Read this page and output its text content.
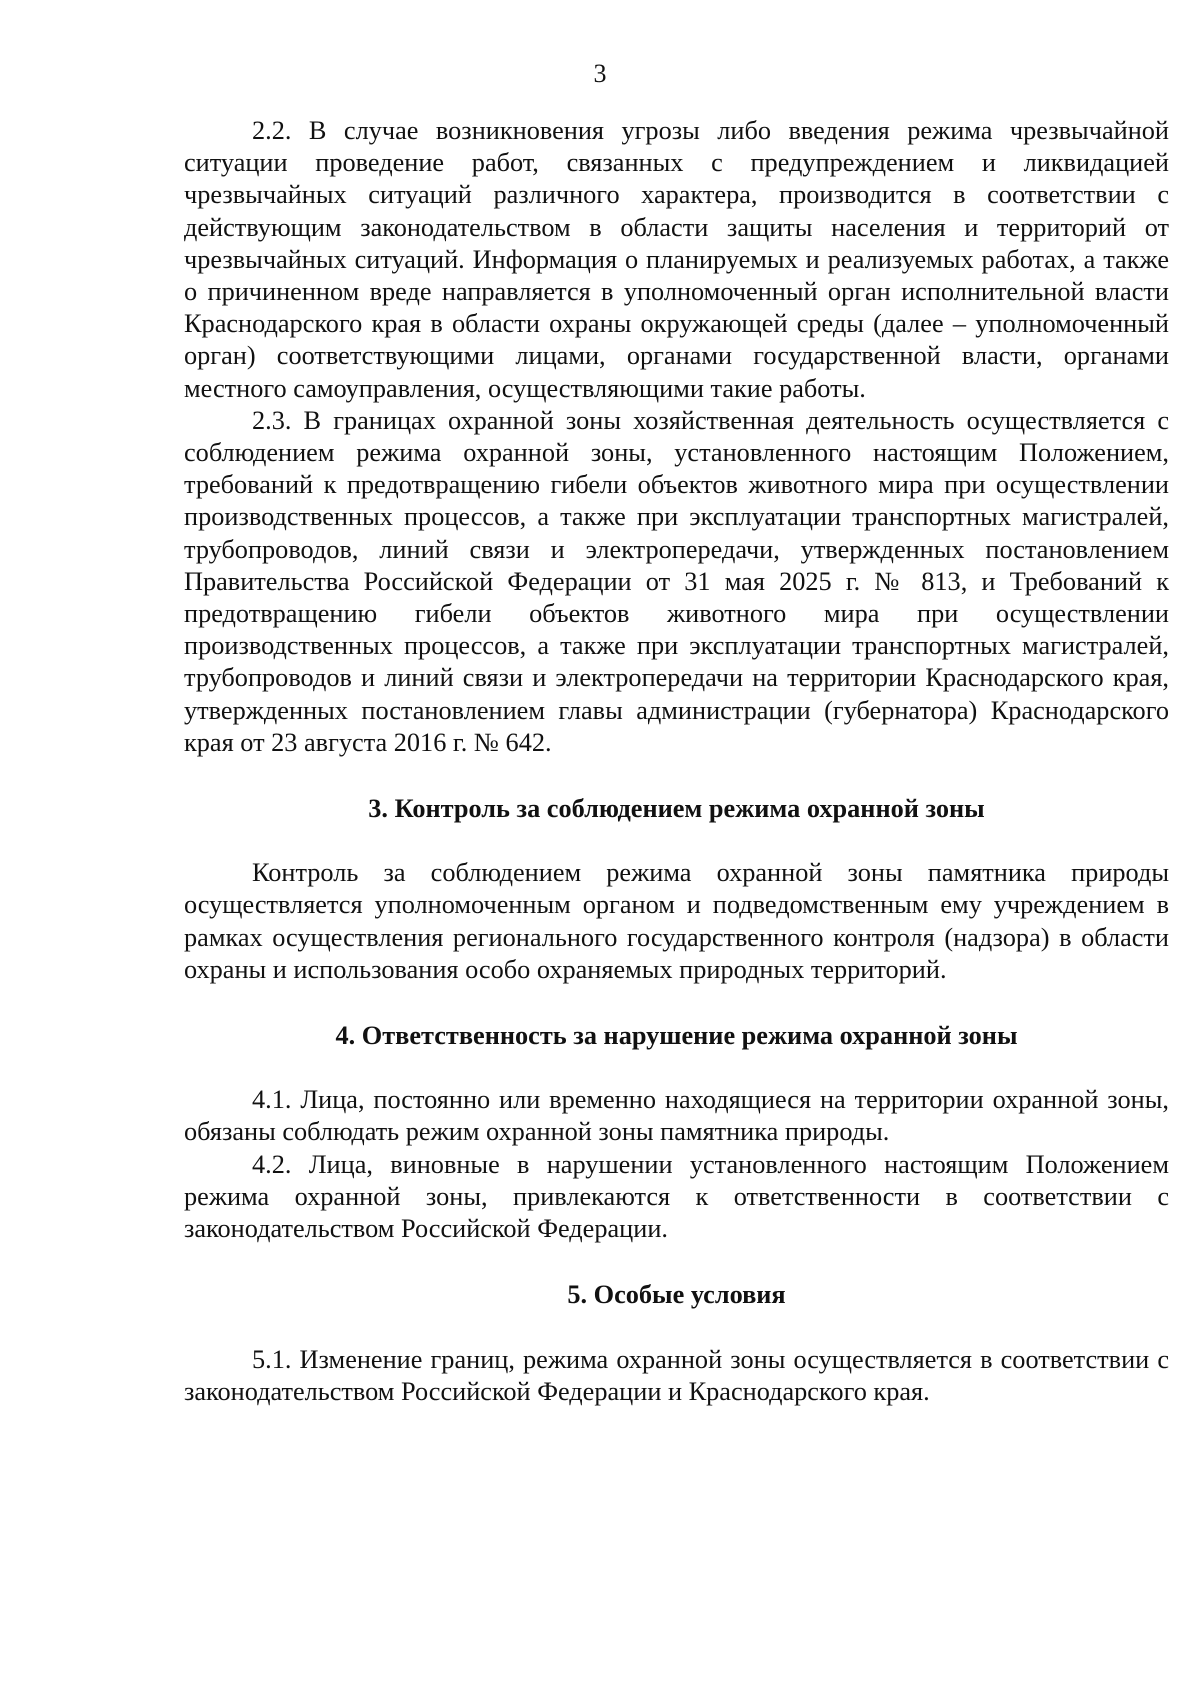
3

2.2. В случае возникновения угрозы либо введения режима чрезвычайной ситуации проведение работ, связанных с предупреждением и ликвидацией чрезвычайных ситуаций различного характера, производится в соответствии с действующим законодательством в области защиты населения и территорий от чрезвычайных ситуаций. Информация о планируемых и реализуемых работах, а также о причиненном вреде направляется в уполномоченный орган исполнительной власти Краснодарского края в области охраны окружающей среды (далее – уполномоченный орган) соответствующими лицами, органами государственной власти, органами местного самоуправления, осуществляющими такие работы.

2.3. В границах охранной зоны хозяйственная деятельность осуществляется с соблюдением режима охранной зоны, установленного настоящим Положением, требований к предотвращению гибели объектов животного мира при осуществлении производственных процессов, а также при эксплуатации транспортных магистралей, трубопроводов, линий связи и электропередачи, утвержденных постановлением Правительства Российской Федерации от 31 мая 2025 г. № 813, и Требований к предотвращению гибели объектов животного мира при осуществлении производственных процессов, а также при эксплуатации транспортных магистралей, трубопроводов и линий связи и электропередачи на территории Краснодарского края, утвержденных постановлением главы администрации (губернатора) Краснодарского края от 23 августа 2016 г. № 642.

3. Контроль за соблюдением режима охранной зоны

Контроль за соблюдением режима охранной зоны памятника природы осуществляется уполномоченным органом и подведомственным ему учреждением в рамках осуществления регионального государственного контроля (надзора) в области охраны и использования особо охраняемых природных территорий.

4. Ответственность за нарушение режима охранной зоны

4.1. Лица, постоянно или временно находящиеся на территории охранной зоны, обязаны соблюдать режим охранной зоны памятника природы.

4.2. Лица, виновные в нарушении установленного настоящим Положением режима охранной зоны, привлекаются к ответственности в соответствии с законодательством Российской Федерации.

5. Особые условия

5.1. Изменение границ, режима охранной зоны осуществляется в соответствии с законодательством Российской Федерации и Краснодарского края.
